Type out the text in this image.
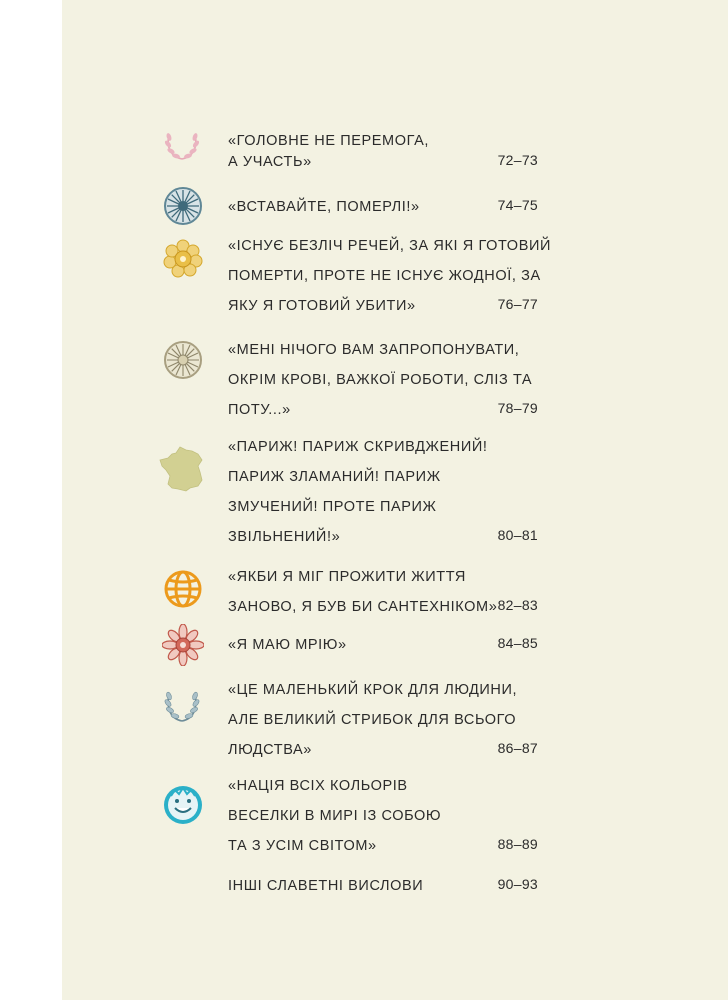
«ГОЛОВНЕ НЕ ПЕРЕМОГА,
А УЧАСТЬ»	72–73
«ВСТАВАЙТЕ, ПОМЕРЛІ!»	74–75
«ІСНУЄ БЕЗЛІЧ РЕЧЕЙ, ЗА ЯКІ Я ГОТОВИЙ
ПОМЕРТИ, ПРОТЕ НЕ ІСНУЄ ЖОДНОЇ, ЗА
ЯКУ Я ГОТОВИЙ УБИТИ»	76–77
«МЕНІ НІЧОГО ВАМ ЗАПРОПОНУВАТИ,
ОКРІМ КРОВІ, ВАЖКОЇ РОБОТИ, СЛІЗ ТА
ПОТУ...»	78–79
«ПАРИЖ! ПАРИЖ СКРИВДЖЕНИЙ!
ПАРИЖ ЗЛАМАНИЙ! ПАРИЖ
ЗМУЧЕНИЙ! ПРОТЕ ПАРИЖ
ЗВІЛЬНЕНИЙ!»	80–81
«ЯКБИ Я МІГ ПРОЖИТИ ЖИТТЯ
ЗАНОВО, Я БУВ БИ САНТЕХНІКОМ» 82–83
«Я МАЮ МРІЮ»	84–85
«ЦЕ МАЛЕНЬКИЙ КРОК ДЛЯ ЛЮДИНИ,
АЛЕ ВЕЛИКИЙ СТРИБОК ДЛЯ ВСЬОГО
ЛЮДСТВА»	86–87
«НАЦІЯ ВСІХ КОЛЬОРІВ
ВЕСЕЛКИ В МИРІ ІЗ СОБОЮ
ТА З УСІМ СВІТОМ»	88–89
ІНШІ СЛАВЕТНІ ВИСЛОВИ	90–93
